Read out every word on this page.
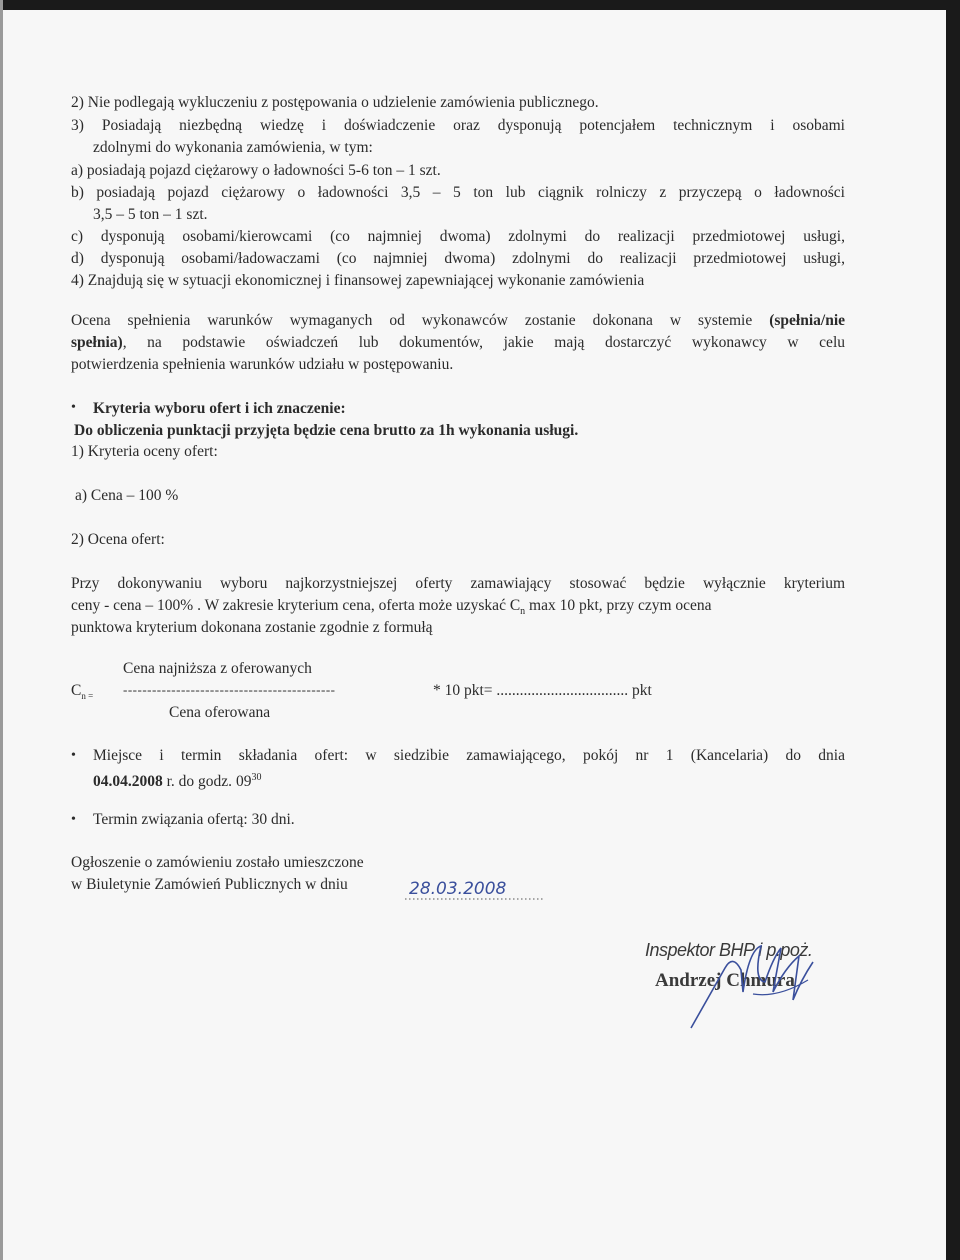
2) Nie podlegają wykluczeniu z postępowania o udzielenie zamówienia publicznego.
3) Posiadają niezbędną wiedzę i doświadczenie oraz dysponują potencjałem technicznym i osobami
zdolnymi do wykonania zamówienia, w tym:
a) posiadają pojazd ciężarowy o ładowności 5-6 ton – 1 szt.
b) posiadają pojazd ciężarowy o ładowności 3,5 – 5 ton lub ciągnik rolniczy z przyczepą o ładowności
3,5 – 5 ton – 1 szt.
c) dysponują osobami/kierowcami (co najmniej dwoma) zdolnymi do realizacji przedmiotowej usługi,
d) dysponują osobami/ładowaczami (co najmniej dwoma) zdolnymi do realizacji przedmiotowej usługi,
4) Znajdują się w sytuacji ekonomicznej i finansowej zapewniającej wykonanie zamówienia
Ocena spełnienia warunków wymaganych od wykonawców zostanie dokonana w systemie (spełnia/nie
spełnia), na podstawie oświadczeń lub dokumentów, jakie mają dostarczyć wykonawcy w celu
potwierdzenia spełnienia warunków udziału w postępowaniu.
• Kryteria wyboru ofert i ich znaczenie:
Do obliczenia punktacji przyjęta będzie cena brutto za 1h wykonania usługi.
1) Kryteria oceny ofert:
a) Cena – 100 %
2) Ocena ofert:
Przy dokonywaniu wyboru najkorzystniejszej oferty zamawiający stosować będzie wyłącznie kryterium
ceny - cena – 100% . W zakresie kryterium cena, oferta może uzyskać $C_n$ max 10 pkt, przy czym ocena
punktowa kryterium dokonana zostanie zgodnie z formułą
Cena najniższa z oferowanych
$C_{n =}$	--------------------------------------------	* 10 pkt= .................................. pkt
Cena oferowana
• Miejsce i termin składania ofert: w siedzibie zamawiającego, pokój nr 1 (Kancelaria) do dnia
04.04.2008 r. do godz. $09^{30}$
• Termin związania ofertą: 30 dni.
Ogłoszenie o zamówieniu zostało umieszczone
w Biuletynie Zamówień Publicznych w dniu	28.03.2008
Inspektor BHP i p.poż.
Andrzej Chmura
